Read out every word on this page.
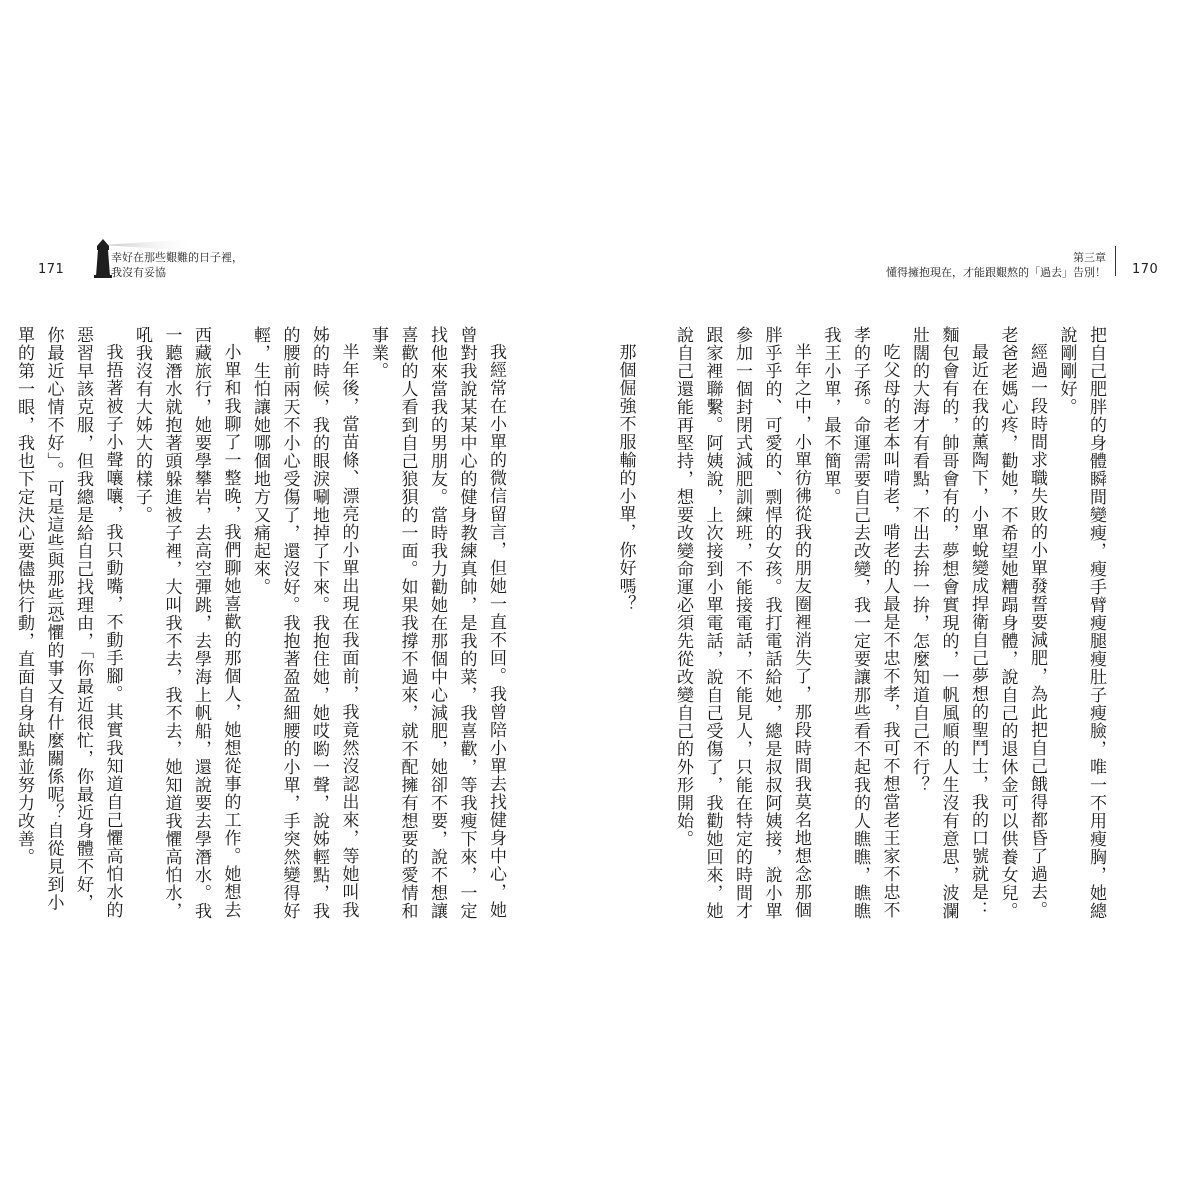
171
幸好在那些艱難的日子裡，
我沒有妥協

我經常在小單的微信留言，但她一直不回。我曾陪小單去找健身中心，她曾對我說某某中心的健身教練真帥，是我的菜，我喜歡，等我瘦下來，一定找他來當我的男朋友。當時我力勸她在那個中心減肥，她卻不要，說不想讓喜歡的人看到自己狼狽的一面。如果我撐不過來，就不配擁有想要的愛情和事業。

半年後，當苗條、漂亮的小單出現在我面前，我竟然沒認出來，等她叫我姊的時候，我的眼淚唰地掉了下來。我抱住她，她哎喲一聲，說姊輕點，我的腰前兩天不小心受傷了，還沒好。我抱著盈盈細腰的小單，手突然變得好輕，生怕讓她哪個地方又痛起來。

小單和我聊了一整晚，我們聊她喜歡的那個人，她想從事的工作。她想去西藏旅行，她要學攀岩，去高空彈跳，去學海上帆船，還說要去學潛水。我一聽潛水就抱著頭躲進被子裡，大叫我不去，我不去，她知道我懼高怕水，吼我沒有大姊大的樣子。

我捂著被子小聲嚷嚷，我只動嘴，不動手腳。其實我知道自己懼高怕水的惡習早該克服，但我總是給自己找理由，「你最近很忙，你最近身體不好，你最近心情不好」。可是這些與那些恐懼的事又有什麼關係呢？自從見到小單的第一眼，我也下定決心要儘快行動，直面自身缺點並努力改善。

第三章
懂得擁抱現在，才能跟艱熬的「過去」告別！ 170

把自己肥胖的身體瞬間變瘦，瘦手臂瘦腿瘦肚子瘦臉，唯一不用瘦胸，她總說剛剛好。

經過一段時間求職失敗的小單發誓要減肥，為此把自己餓得都昏了過去。老爸老媽心疼，勸她，不希望她糟蹋身體，說自己的退休金可以供養女兒。

最近在我的薰陶下，小單蛻變成捍衛自己夢想的聖鬥士，我的口號就是：麵包會有的，帥哥會有的，夢想會實現的，一帆風順的人生沒有意思，波瀾壯闊的大海才有看點，不出去拚一拚，怎麼知道自己不行？

吃父母的老本叫啃老，啃老的人最是不忠不孝，我可不想當老王家不忠不孝的子孫。命運需要自己去改變，我一定要讓那些看不起我的人瞧瞧，瞧瞧我王小單，最不簡單。

半年之中，小單彷彿從我的朋友圈裡消失了，那段時間我莫名地想念那個胖乎乎的、可愛的、剽悍的女孩。我打電話給她，總是叔叔阿姨接，說小單參加一個封閉式減肥訓練班，不能接電話，不能見人，只能在特定的時間才跟家裡聯繫。阿姨說，上次接到小單電話，說自己受傷了，我勸她回來，她說自己還能再堅持，想要改變命運必須先從改變自己的外形開始。

那個倔強不服輸的小單，你好嗎？
